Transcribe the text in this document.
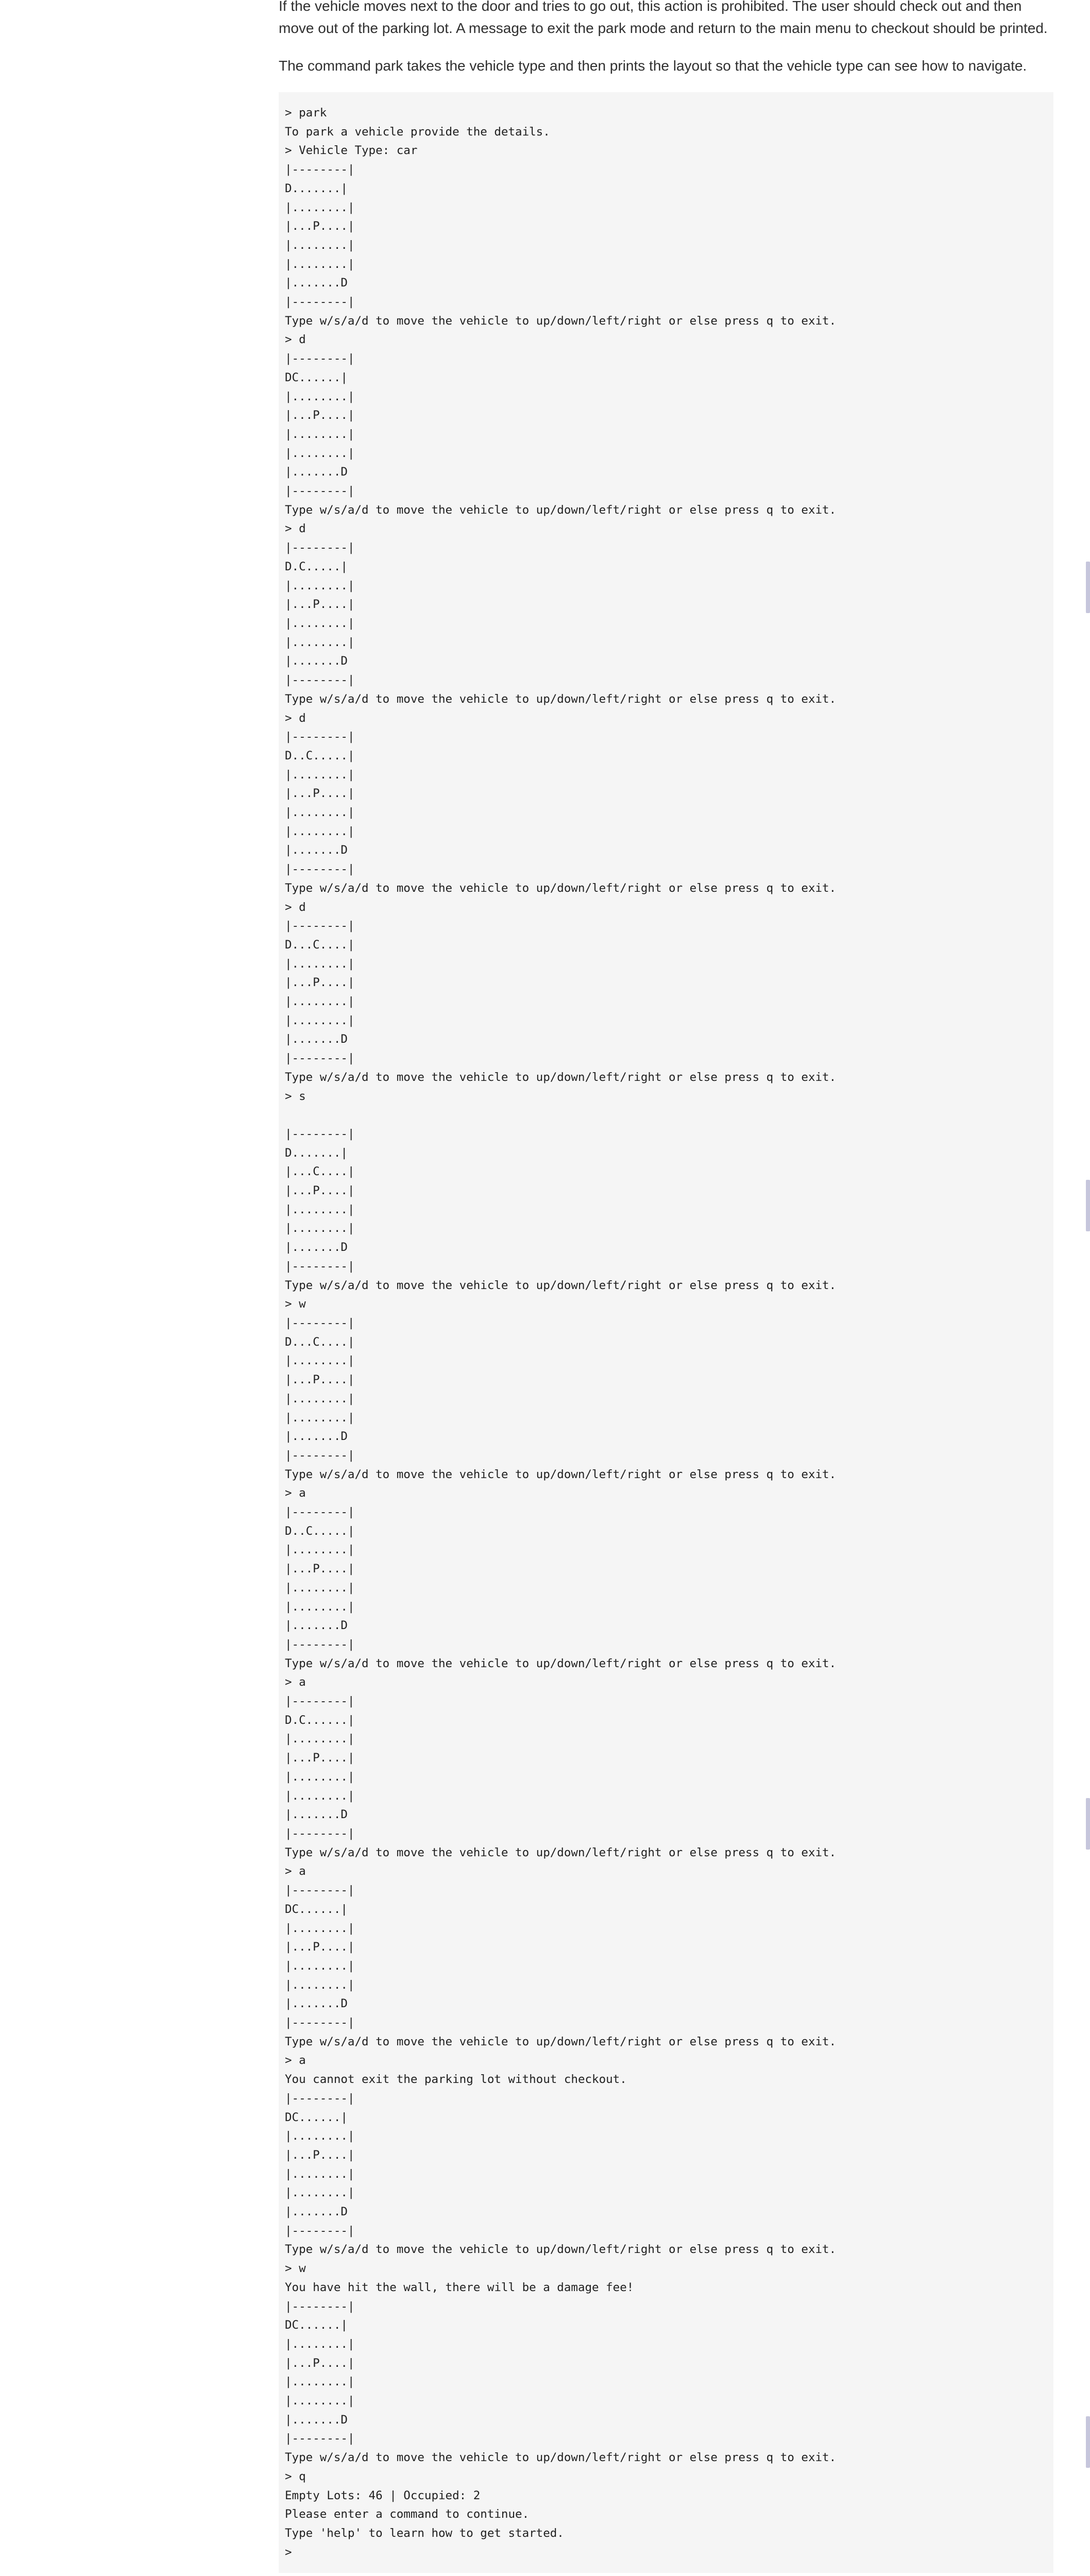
If the vehicle moves next to the door and tries to go out, this action is prohibited. The user should check out and then move out of the parking lot. A message to exit the park mode and return to the main menu to checkout should be printed.

The command park takes the vehicle type and then prints the layout so that the vehicle type can see how to navigate.

> park
To park a vehicle provide the details.
> Vehicle Type: car
|--------|
D.......|
|........|
|...P....|
|........|
|........|
|.......D
|--------|
Type w/s/a/d to move the vehicle to up/down/left/right or else press q to exit.
> d
|--------|
DC......|
|........|
|...P....|
|........|
|........|
|.......D
|--------|
Type w/s/a/d to move the vehicle to up/down/left/right or else press q to exit.
> d
|--------|
D.C.....|
|........|
|...P....|
|........|
|........|
|.......D
|--------|
Type w/s/a/d to move the vehicle to up/down/left/right or else press q to exit.
> d
|--------|
D..C.....|
|........|
|...P....|
|........|
|........|
|.......D
|--------|
Type w/s/a/d to move the vehicle to up/down/left/right or else press q to exit.
> d
|--------|
D...C....|
|........|
|...P....|
|........|
|........|
|.......D
|--------|
Type w/s/a/d to move the vehicle to up/down/left/right or else press q to exit.
> s
|--------|
D.......|
|...C....|
|...P....|
|........|
|........|
|.......D
|--------|
Type w/s/a/d to move the vehicle to up/down/left/right or else press q to exit.
> w
|--------|
D...C....|
|........|
|...P....|
|........|
|........|
|.......D
|--------|
Type w/s/a/d to move the vehicle to up/down/left/right or else press q to exit.
> a
|--------|
D..C.....|
|........|
|...P....|
|........|
|........|
|.......D
|--------|
Type w/s/a/d to move the vehicle to up/down/left/right or else press q to exit.
> a
|--------|
D.C......|
|........|
|...P....|
|........|
|........|
|.......D
|--------|
Type w/s/a/d to move the vehicle to up/down/left/right or else press q to exit.
> a
|--------|
DC......|
|........|
|...P....|
|........|
|........|
|.......D
|--------|
Type w/s/a/d to move the vehicle to up/down/left/right or else press q to exit.
> a
You cannot exit the parking lot without checkout.
|--------|
DC......|
|........|
|...P....|
|........|
|........|
|.......D
|--------|
Type w/s/a/d to move the vehicle to up/down/left/right or else press q to exit.
> w
You have hit the wall, there will be a damage fee!
|--------|
DC......|
|........|
|...P....|
|........|
|........|
|.......D
|--------|
Type w/s/a/d to move the vehicle to up/down/left/right or else press q to exit.
> q
Empty Lots: 46 | Occupied: 2
Please enter a command to continue.
Type 'help' to learn how to get started.
>
